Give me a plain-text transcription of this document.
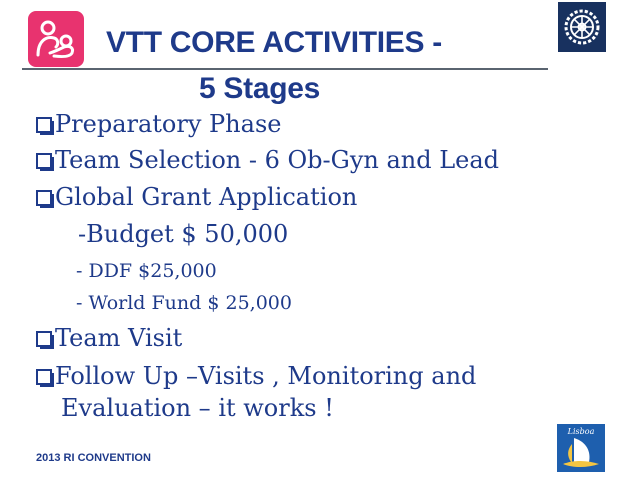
VTT CORE ACTIVITIES -
5 Stages
Preparatory Phase
Team Selection - 6 Ob-Gyn and Lead
Global Grant Application
-Budget $ 50,000
- DDF $25,000
- World Fund $ 25,000
Team Visit
Follow Up –Visits , Monitoring and
Evaluation – it works !
2013 RI CONVENTION
Lisboa
